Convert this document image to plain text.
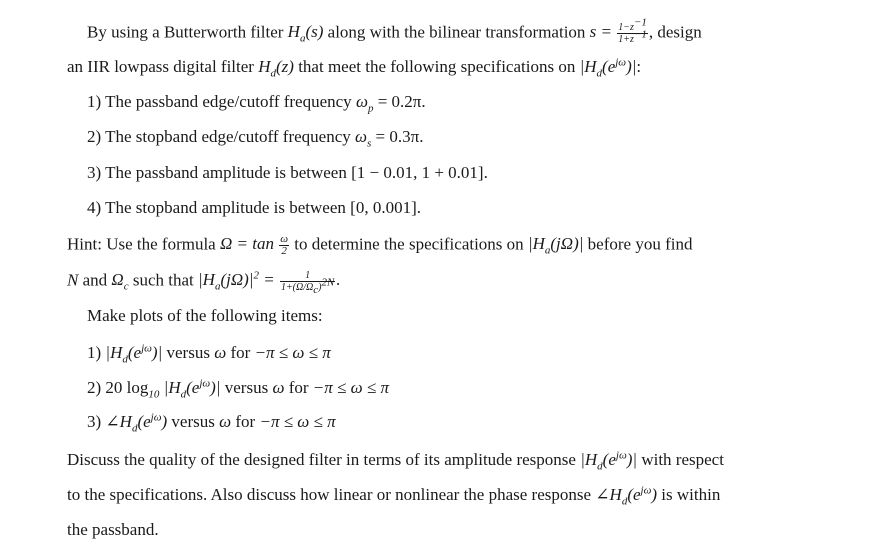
By using a Butterworth filter $H_a(s)$ along with the bilinear transformation $s = \frac{1-z^{-1}}{1+z^{-1}}$ , design
an IIR lowpass digital filter $H_d(z)$ that meet the following specifications on $|H_d(e^{j\omega})|$:
1) The passband edge/cutoff frequency $\omega_p = 0.2\pi$.
2) The stopband edge/cutoff frequency $\omega_s = 0.3\pi$.
3) The passband amplitude is between [1 − 0.01, 1 + 0.01].
4) The stopband amplitude is between [0, 0.001].
Hint: Use the formula $\Omega = \tan \frac{\omega}{2}$ to determine the specifications on $|H_a(j\Omega)|$ before you find
N and $\Omega_c$ such that $|H_a(j\Omega)|^2 = \frac{1}{1+(\Omega/\Omega_c)^{2N}}$ .
Make plots of the following items:
1) $|H_d(e^{j\omega})|$ versus ω for −π ≤ ω ≤ π
2) 20 $\log_{10} |H_d(e^{j\omega})|$ versus ω for −π ≤ ω ≤ π
3) $\angle H_d(e^{j\omega})$ versus ω for −π ≤ ω ≤ π
Discuss the quality of the designed filter in terms of its amplitude response $|H_d(e^{j\omega})|$ with respect
to the specifications. Also discuss how linear or nonlinear the phase response $\angle H_d(e^{j\omega})$ is within
the passband.
